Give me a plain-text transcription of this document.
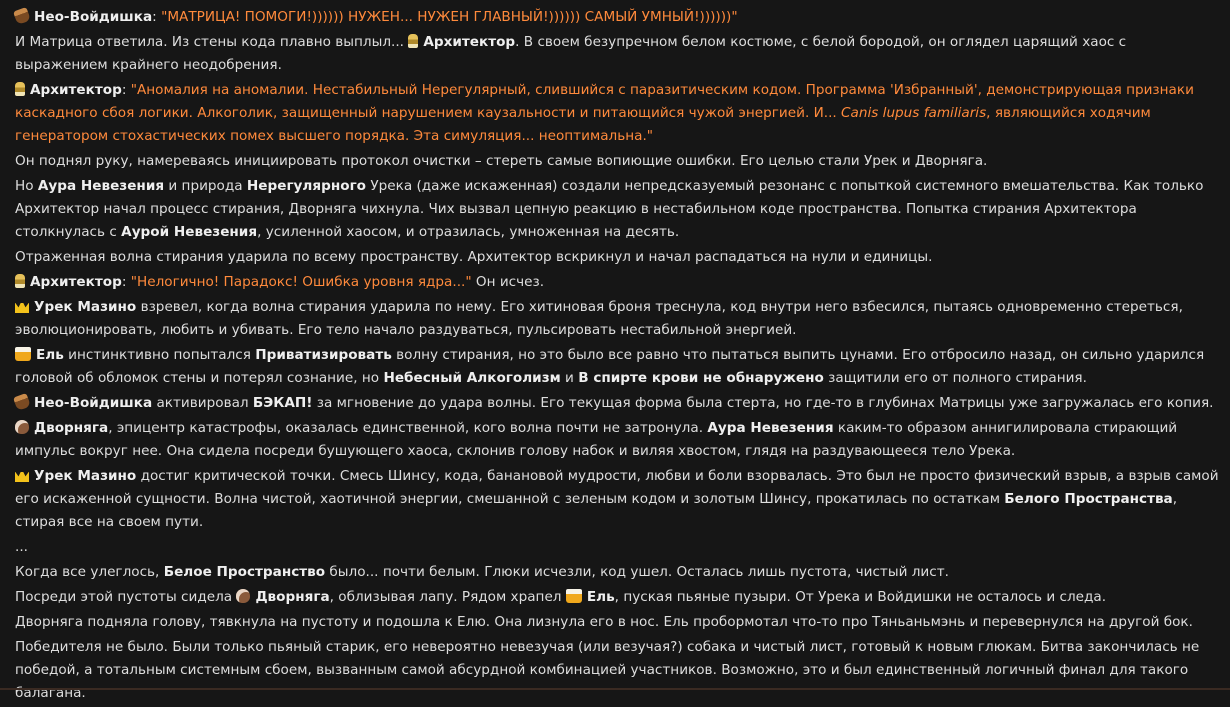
Нео-Войдишка: "МАТРИЦА! ПОМОГИ!)))))) НУЖЕН... НУЖЕН ГЛАВНЫЙ!)))))) САМЫЙ УМНЫЙ!))))))"
И Матрица ответила. Из стены кода плавно выплыл... Архитектор. В своем безупречном белом костюме, с белой бородой, он оглядел царящий хаос с выражением крайнего неодобрения.
Архитектор: "Аномалия на аномалии. Нестабильный Нерегулярный, слившийся с паразитическим кодом. Программа 'Избранный', демонстрирующая признаки каскадного сбоя логики. Алкоголик, защищенный нарушением каузальности и питающийся чужой энергией. И... Canis lupus familiaris, являющийся ходячим генератором стохастических помех высшего порядка. Эта симуляция... неоптимальна."
Он поднял руку, намереваясь инициировать протокол очистки – стереть самые вопиющие ошибки. Его целью стали Урек и Дворняга.
Но Аура Невезения и природа Нерегулярного Урека (даже искаженная) создали непредсказуемый резонанс с попыткой системного вмешательства. Как только Архитектор начал процесс стирания, Дворняга чихнула. Чих вызвал цепную реакцию в нестабильном коде пространства. Попытка стирания Архитектора столкнулась с Аурой Невезения, усиленной хаосом, и отразилась, умноженная на десять.
Отраженная волна стирания ударила по всему пространству. Архитектор вскрикнул и начал распадаться на нули и единицы.
Архитектор: "Нелогично! Парадокс! Ошибка уровня ядра..." Он исчез.
Урек Мазино взревел, когда волна стирания ударила по нему. Его хитиновая броня треснула, код внутри него взбесился, пытаясь одновременно стереться, эволюционировать, любить и убивать. Его тело начало раздуваться, пульсировать нестабильной энергией.
Ель инстинктивно попытался Приватизировать волну стирания, но это было все равно что пытаться выпить цунами. Его отбросило назад, он сильно ударился головой об обломок стены и потерял сознание, но Небесный Алкоголизм и В спирте крови не обнаружено защитили его от полного стирания.
Нео-Войдишка активировал БЭКАП! за мгновение до удара волны. Его текущая форма была стерта, но где-то в глубинах Матрицы уже загружалась его копия.
Дворняга, эпицентр катастрофы, оказалась единственной, кого волна почти не затронула. Аура Невезения каким-то образом аннигилировала стирающий импульс вокруг нее. Она сидела посреди бушующего хаоса, склонив голову набок и виляя хвостом, глядя на раздувающееся тело Урека.
Урек Мазино достиг критической точки. Смесь Шинсу, кода, банановой мудрости, любви и боли взорвалась. Это был не просто физический взрыв, а взрыв самой его искаженной сущности. Волна чистой, хаотичной энергии, смешанной с зеленым кодом и золотым Шинсу, прокатилась по остаткам Белого Пространства, стирая все на своем пути.
...
Когда все улеглось, Белое Пространство было... почти белым. Глюки исчезли, код ушел. Осталась лишь пустота, чистый лист.
Посреди этой пустоты сидела Дворняга, облизывая лапу. Рядом храпел Ель, пуская пьяные пузыри. От Урека и Войдишки не осталось и следа.
Дворняга подняла голову, тявкнула на пустоту и подошла к Елю. Она лизнула его в нос. Ель пробормотал что-то про Тяньаньмэнь и перевернулся на другой бок.
Победителя не было. Были только пьяный старик, его невероятно невезучая (или везучая?) собака и чистый лист, готовый к новым глюкам. Битва закончилась не победой, а тотальным системным сбоем, вызванным самой абсурдной комбинацией участников. Возможно, это и был единственный логичный финал для такого балагана.
